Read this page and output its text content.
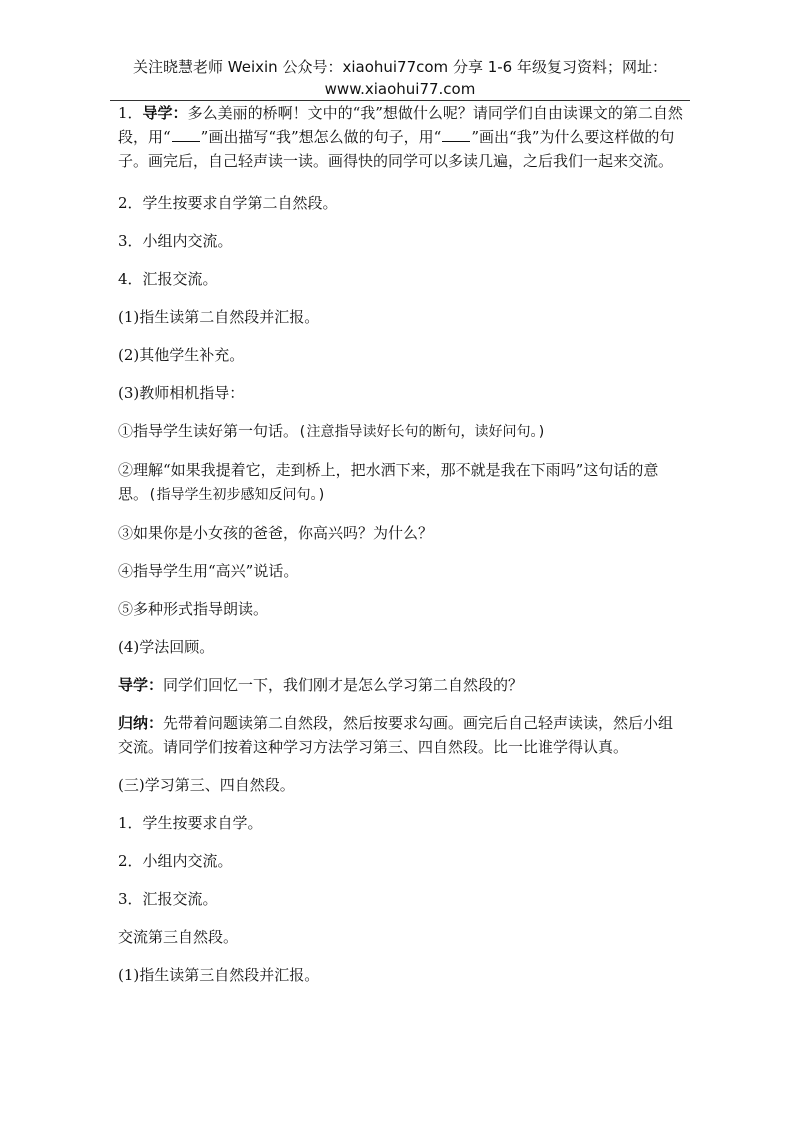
关注晓慧老师 Weixin 公众号：xiaohui77com 分享 1-6 年级复习资料；网址：
www.xiaohui77.com

1．导学：多么美丽的桥啊！文中的“我”想做什么呢？请同学们自由读课文的第二自然段，用“ ”画出描写“我”想怎么做的句子，用“ ”画出“我”为什么要这样做的句子。画完后，自己轻声读一读。画得快的同学可以多读几遍，之后我们一起来交流。

2．学生按要求自学第二自然段。

3．小组内交流。

4．汇报交流。

(1)指生读第二自然段并汇报。

(2)其他学生补充。

(3)教师相机指导：

①指导学生读好第一句话。(注意指导读好长句的断句，读好问句。)

②理解“如果我提着它，走到桥上，把水洒下来，那不就是我在下雨吗”这句话的意思。(指导学生初步感知反问句。)

③如果你是小女孩的爸爸，你高兴吗？为什么？

④指导学生用“高兴”说话。

⑤多种形式指导朗读。

(4)学法回顾。

导学：同学们回忆一下，我们刚才是怎么学习第二自然段的？

归纳：先带着问题读第二自然段，然后按要求勾画。画完后自己轻声读读，然后小组交流。请同学们按着这种学习方法学习第三、四自然段。比一比谁学得认真。

(三)学习第三、四自然段。

1．学生按要求自学。

2．小组内交流。

3．汇报交流。

交流第三自然段。

(1)指生读第三自然段并汇报。
